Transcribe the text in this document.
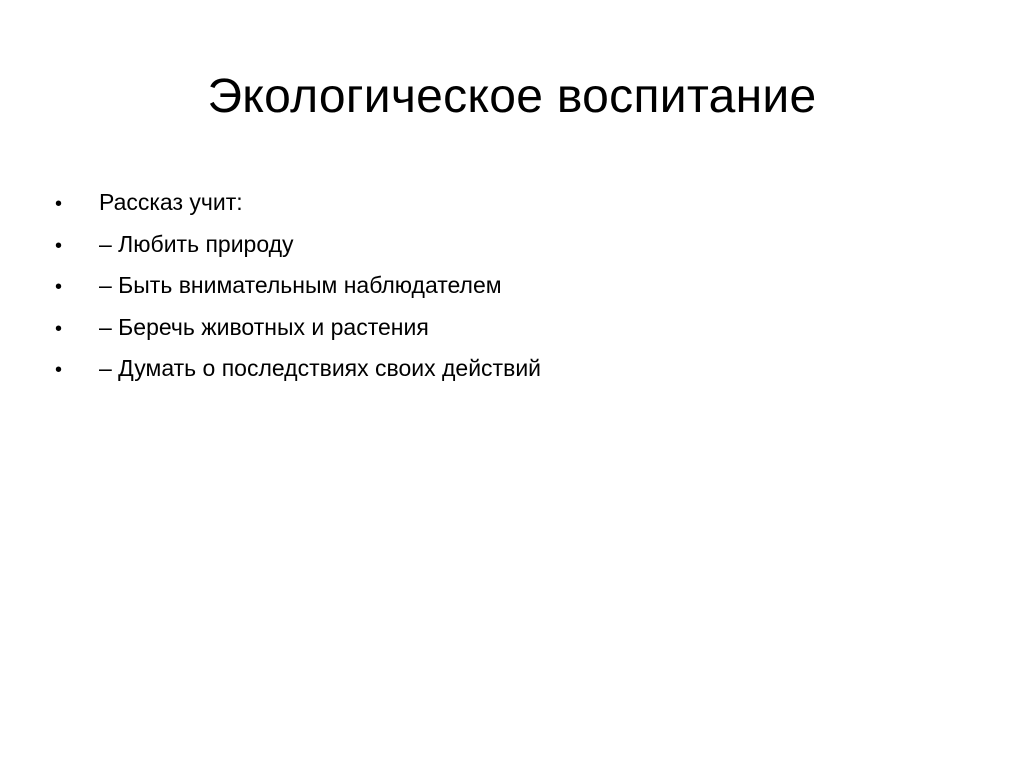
Экологическое воспитание
•	Рассказ учит:
•	– Любить природу
•	– Быть внимательным наблюдателем
•	– Беречь животных и растения
•	– Думать о последствиях своих действий
